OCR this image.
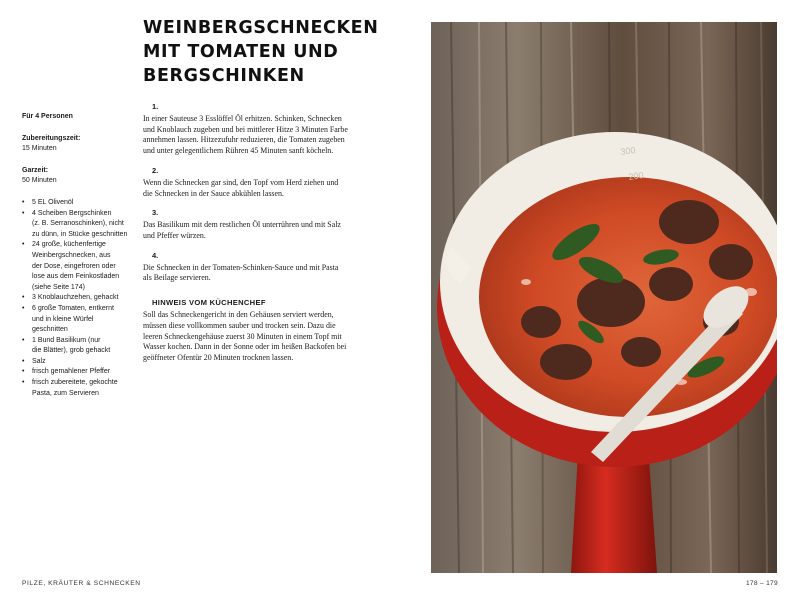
WEINBERGSCHNECKEN
MIT TOMATEN UND
BERGSCHINKEN
Für 4 Personen
Zubereitungszeit:
15 Minuten
Garzeit:
50 Minuten
• 5 EL Olivenöl
• 4 Scheiben Bergschinken
(z. B. Serranoschinken), nicht
zu dünn, in Stücke geschnitten
• 24 große, küchenfertige
Weinbergschnecken, aus
der Dose, eingefroren oder
lose aus dem Feinkostladen
(siehe Seite 174)
• 3 Knoblauchzehen, gehackt
• 6 große Tomaten, entkernt
und in kleine Würfel
geschnitten
• 1 Bund Basilikum (nur
die Blätter), grob gehackt
• Salz
• frisch gemahlener Pfeffer
• frisch zubereitete, gekochte
Pasta, zum Servieren
1.
In einer Sauteuse 3 Esslöffel Öl erhitzen. Schinken, Schnecken
und Knoblauch zugeben und bei mittlerer Hitze 3 Minuten Farbe
annehmen lassen. Hitzezufuhr reduzieren, die Tomaten zugeben
und unter gelegentlichem Rühren 45 Minuten sanft köcheln.
2.
Wenn die Schnecken gar sind, den Topf vom Herd ziehen und
die Schnecken in der Sauce abkühlen lassen.
3.
Das Basilikum mit dem restlichen Öl unterrühren und mit Salz
und Pfeffer würzen.
4.
Die Schnecken in der Tomaten-Schinken-Sauce und mit Pasta
als Beilage servieren.
HINWEIS VOM KÜCHENCHEF
Soll das Schneckengericht in den Gehäusen serviert werden,
müssen diese vollkommen sauber und trocken sein. Dazu die
leeren Schneckengehäuse zuerst 30 Minuten in einem Topf mit
Wasser kochen. Dann in der Sonne oder im heißen Backofen bei
geöffneter Ofentür 20 Minuten trocknen lassen.
300
200
PILZE, KRÄUTER & SCHNECKEN	178 – 179
